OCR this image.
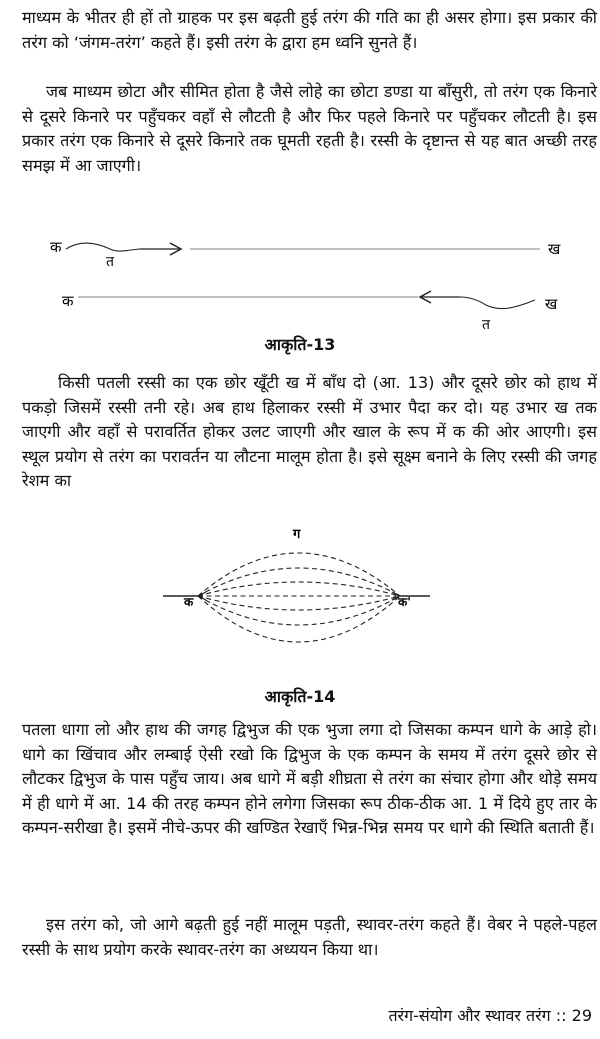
माध्यम के भीतर ही हों तो ग्राहक पर इस बढ़ती हुई तरंग की गति का ही असर होगा। इस प्रकार की तरंग को ‘जंगम-तरंग’ कहते हैं। इसी तरंग के द्वारा हम ध्वनि सुनते हैं।

जब माध्यम छोटा और सीमित होता है जैसे लोहे का छोटा डण्डा या बाँसुरी, तो तरंग एक किनारे से दूसरे किनारे पर पहुँचकर वहाँ से लौटती है और फिर पहले किनारे पर पहुँचकर लौटती है। इस प्रकार तरंग एक किनारे से दूसरे किनारे तक घूमती रहती है। रस्सी के दृष्टान्त से यह बात अच्छी तरह समझ में आ जाएगी।

क
त
ख
क	ख
त
आकृति-13

किसी पतली रस्सी का एक छोर खूँटी ख में बाँध दो (आ. 13) और दूसरे छोर को हाथ में पकड़ो जिसमें रस्सी तनी रहे। अब हाथ हिलाकर रस्सी में उभार पैदा कर दो। यह उभार ख तक जाएगी और वहाँ से परावर्तित होकर उलट जाएगी और खाल के रूप में क की ओर आएगी। इस स्थूल प्रयोग से तरंग का परावर्तन या लौटना मालूम होता है। इसे सूक्ष्म बनाने के लिए रस्सी की जगह रेशम का

ग
क	क'
आकृति-14

पतला धागा लो और हाथ की जगह द्विभुज की एक भुजा लगा दो जिसका कम्पन धागे के आड़े हो। धागे का खिंचाव और लम्बाई ऐसी रखो कि द्विभुज के एक कम्पन के समय में तरंग दूसरे छोर से लौटकर द्विभुज के पास पहुँच जाय। अब धागे में बड़ी शीघ्रता से तरंग का संचार होगा और थोड़े समय में ही धागे में आ. 14 की तरह कम्पन होने लगेगा जिसका रूप ठीक-ठीक आ. 1 में दिये हुए तार के कम्पन-सरीखा है। इसमें नीचे-ऊपर की खण्डित रेखाएँ भिन्न-भिन्न समय पर धागे की स्थिति बताती हैं।

इस तरंग को, जो आगे बढ़ती हुई नहीं मालूम पड़ती, स्थावर-तरंग कहते हैं। वेबर ने पहले-पहल रस्सी के साथ प्रयोग करके स्थावर-तरंग का अध्ययन किया था।

तरंग-संयोग और स्थावर तरंग :: 29
